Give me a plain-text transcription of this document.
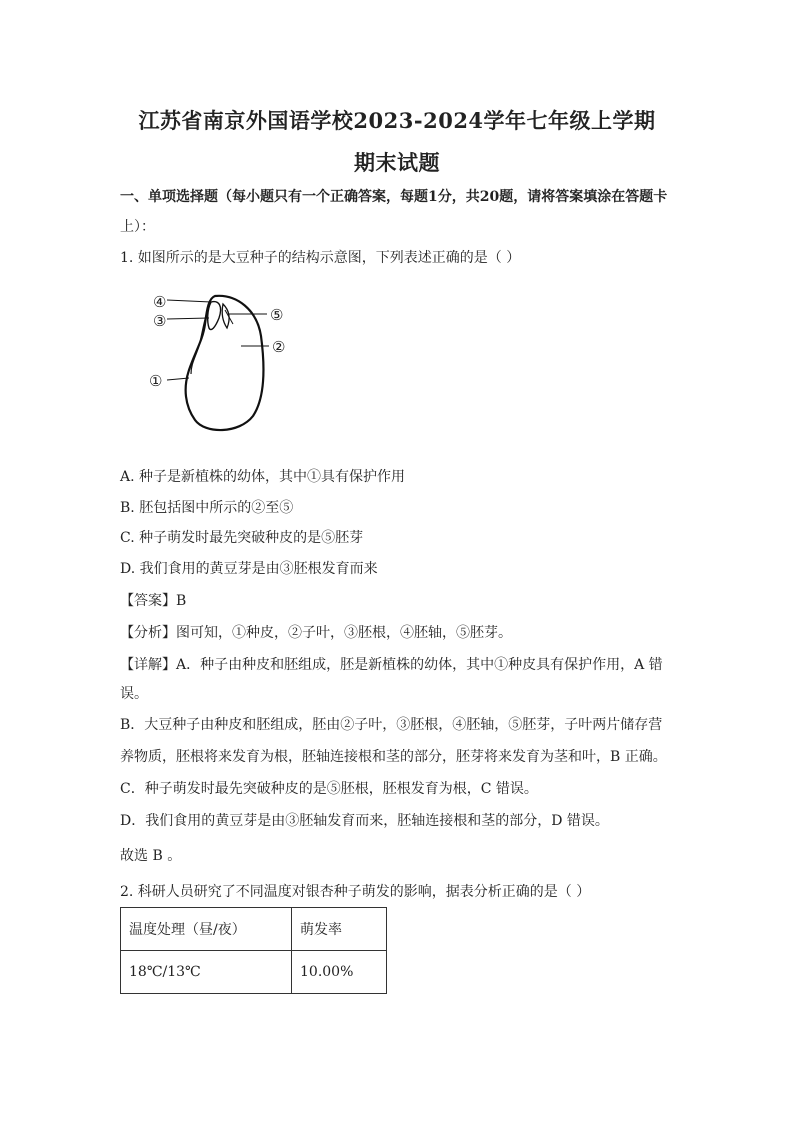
江苏省南京外国语学校2023-2024学年七年级上学期
期末试题
一、单项选择题（每小题只有一个正确答案，每题1分，共20题，请将答案填涂在答题卡
上）：
1. 如图所示的是大豆种子的结构示意图，下列表述正确的是（ ）
④
③	⑤
②
①
A. 种子是新植株的幼体，其中①具有保护作用
B. 胚包括图中所示的②至⑤
C. 种子萌发时最先突破种皮的是⑤胚芽
D. 我们食用的黄豆芽是由③胚根发育而来
【答案】B
【分析】图可知，①种皮，②子叶，③胚根，④胚轴，⑤胚芽。
【详解】A．种子由种皮和胚组成，胚是新植株的幼体，其中①种皮具有保护作用，A 错
误。
B．大豆种子由种皮和胚组成，胚由②子叶，③胚根，④胚轴，⑤胚芽，子叶两片储存营
养物质，胚根将来发育为根，胚轴连接根和茎的部分，胚芽将来发育为茎和叶，B 正确。
C．种子萌发时最先突破种皮的是⑤胚根，胚根发育为根，C 错误。
D．我们食用的黄豆芽是由③胚轴发育而来，胚轴连接根和茎的部分，D 错误。
故选 B 。
2. 科研人员研究了不同温度对银杏种子萌发的影响，据表分析正确的是（ ）
温度处理（昼/夜）	萌发率
18℃/13℃	10.00%
